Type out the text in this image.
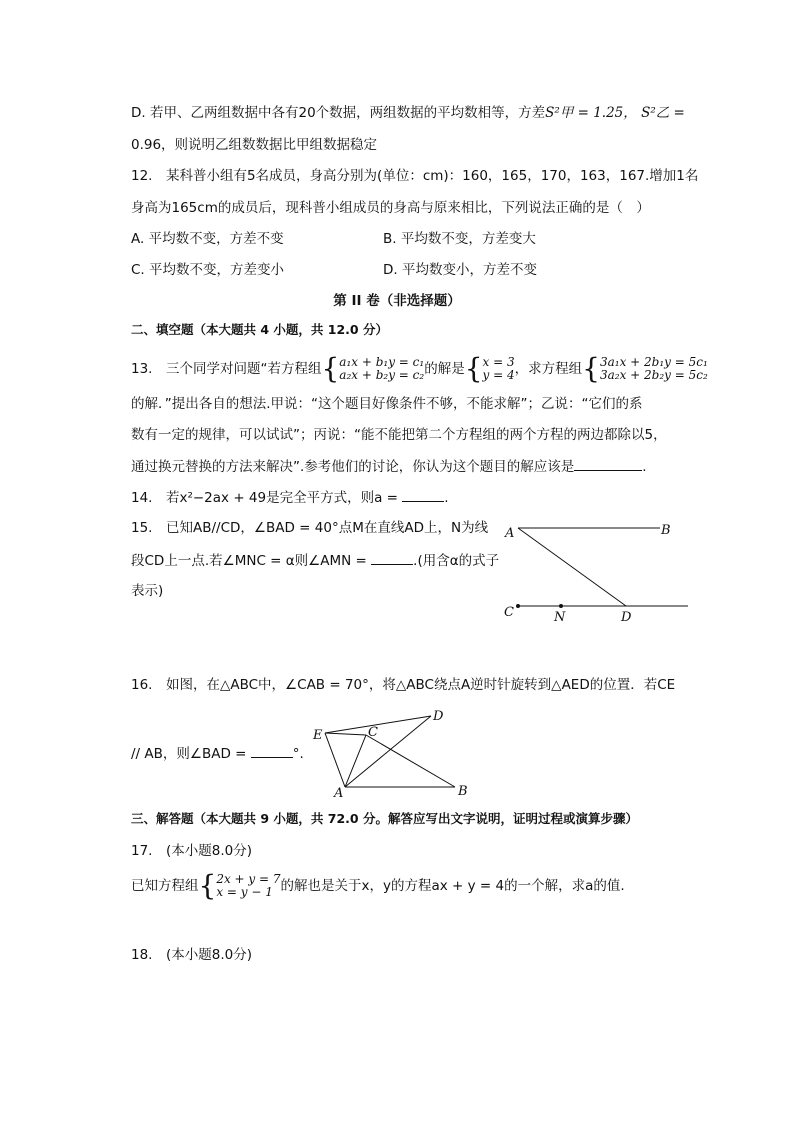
D. 若甲、乙两组数据中各有20个数据，两组数据的平均数相等，方差S²甲 = 1.25， S²乙 =
0.96，则说明乙组数数据比甲组数据稳定
12.　某科普小组有5名成员，身高分别为(单位：cm)：160，165，170，163，167.增加1名
身高为165cm的成员后，现科普小组成员的身高与原来相比，下列说法正确的是（　）
A. 平均数不变，方差不变	B. 平均数不变，方差变大
C. 平均数不变，方差变小	D. 平均数变小，方差不变
第 II 卷（非选择题）
二、填空题（本大题共 4 小题，共 12.0 分）
13.　三个同学对问题“若方程组{ a₁x + b₁y = c₁
a₂x + b₂y = c₂ 的解是{ x = 3
y = 4 ，求方程组{ 3a₁x + 2b₁y = 5c₁
3a₂x + 2b₂y = 5c₂
的解．”提出各自的想法.甲说：“这个题目好像条件不够，不能求解”；乙说：“它们的系
数有一定的规律，可以试试”；丙说：“能不能把第二个方程组的两个方程的两边都除以5，
通过换元替换的方法来解决”.参考他们的讨论，你认为这个题目的解应该是	.
14.　若x²−2ax + 49是完全平方式，则a =	.
15.　已知AB//CD，∠BAD = 40°点M在直线AD上，N为线
段CD上一点.若∠MNC = α则∠AMN =	.(用含α的式子
表示)
A	B
C	N	D
16.　如图，在△ABC中，∠CAB = 70°，将△ABC绕点A逆时针旋转到△AED的位置．若CE
// AB，则∠BAD =	°.
E	C
D
A	B
三、解答题（本大题共 9 小题，共 72.0 分。解答应写出文字说明，证明过程或演算步骤）
17.　(本小题8.0分)
已知方程组{ 2x + y = 7
x = y − 1 的解也是关于x，y的方程ax + y = 4的一个解，求a的值.
18.　(本小题8.0分)
